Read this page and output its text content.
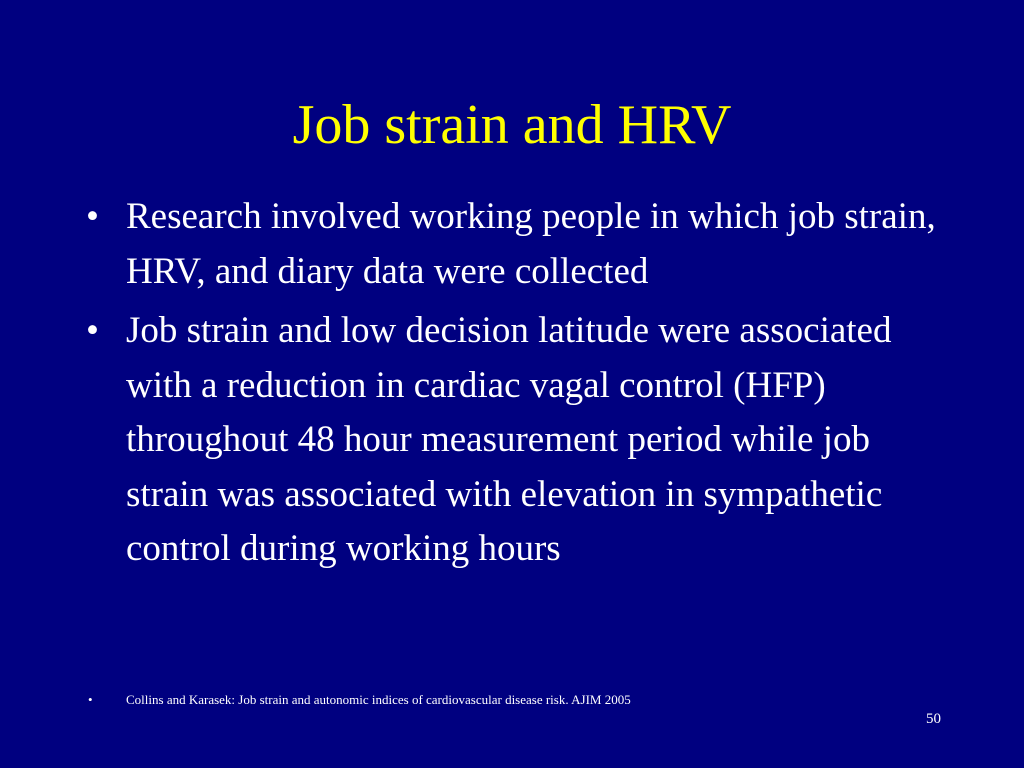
Job strain and HRV
• Research involved working people in which job strain, HRV, and diary data were collected
• Job strain and low decision latitude were associated with a reduction in cardiac vagal control (HFP) throughout 48 hour measurement period while job strain was associated with elevation in sympathetic control during working hours
•	Collins and Karasek: Job strain and autonomic indices of cardiovascular disease risk. AJIM 2005
50
